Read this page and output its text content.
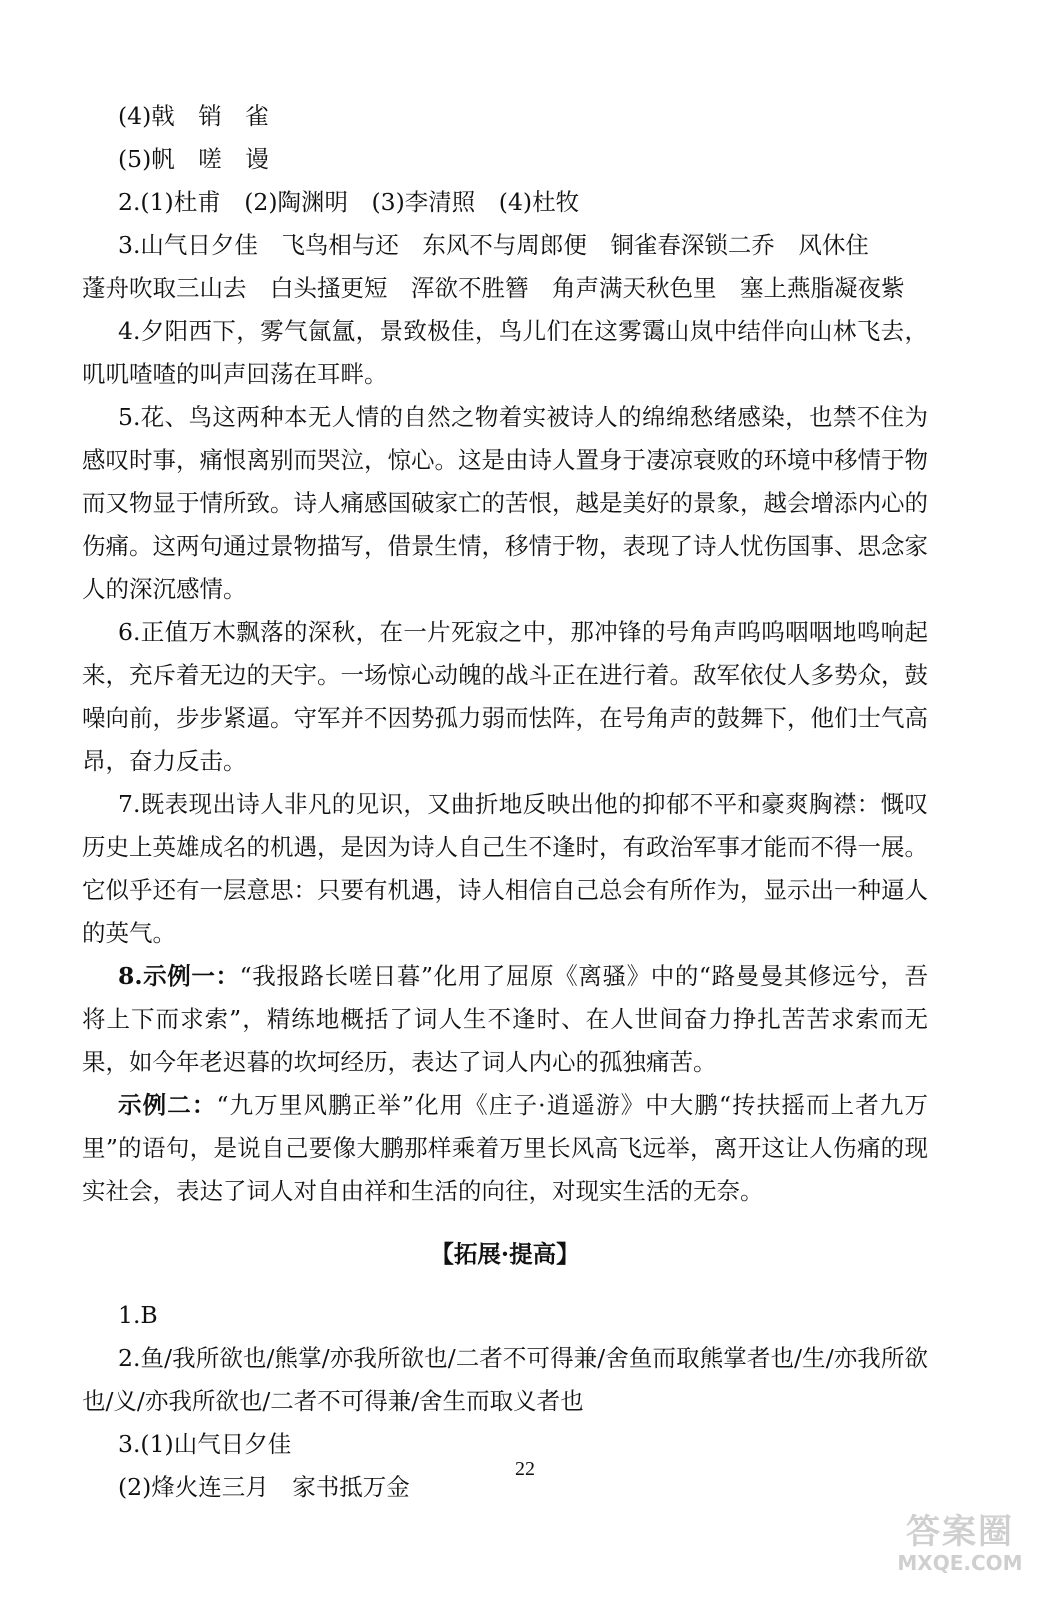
(4)戟　销　雀
(5)帆　嗟　谩
2.(1)杜甫　(2)陶渊明　(3)李清照　(4)杜牧
3.山气日夕佳　飞鸟相与还　东风不与周郎便　铜雀春深锁二乔　风休住
蓬舟吹取三山去　白头搔更短　浑欲不胜簪　角声满天秋色里　塞上燕脂凝夜紫

4.夕阳西下，雾气氤氲，景致极佳，鸟儿们在这雾霭山岚中结伴向山林飞去，叽叽喳喳的叫声回荡在耳畔。

5.花、鸟这两种本无人情的自然之物着实被诗人的绵绵愁绪感染，也禁不住为感叹时事，痛恨离别而哭泣，惊心。这是由诗人置身于凄凉衰败的环境中移情于物而又物显于情所致。诗人痛感国破家亡的苦恨，越是美好的景象，越会增添内心的伤痛。这两句通过景物描写，借景生情，移情于物，表现了诗人忧伤国事、思念家人的深沉感情。

6.正值万木飘落的深秋，在一片死寂之中，那冲锋的号角声呜呜咽咽地鸣响起来，充斥着无边的天宇。一场惊心动魄的战斗正在进行着。敌军依仗人多势众，鼓噪向前，步步紧逼。守军并不因势孤力弱而怯阵，在号角声的鼓舞下，他们士气高昂，奋力反击。

7.既表现出诗人非凡的见识，又曲折地反映出他的抑郁不平和豪爽胸襟：慨叹历史上英雄成名的机遇，是因为诗人自己生不逢时，有政治军事才能而不得一展。它似乎还有一层意思：只要有机遇，诗人相信自己总会有所作为，显示出一种逼人的英气。

8.示例一：“我报路长嗟日暮”化用了屈原《离骚》中的“路曼曼其修远兮，吾将上下而求索”，精练地概括了词人生不逢时、在人世间奋力挣扎苦苦求索而无果，如今年老迟暮的坎坷经历，表达了词人内心的孤独痛苦。

示例二：“九万里风鹏正举”化用《庄子·逍遥游》中大鹏“抟扶摇而上者九万里”的语句，是说自己要像大鹏那样乘着万里长风高飞远举，离开这让人伤痛的现实社会，表达了词人对自由祥和生活的向往，对现实生活的无奈。

【拓展·提高】
1.B

2.鱼/我所欲也/熊掌/亦我所欲也/二者不可得兼/舍鱼而取熊掌者也/生/亦我所欲也/义/亦我所欲也/二者不可得兼/舍生而取义者也

3.(1)山气日夕佳
(2)烽火连三月　家书抵万金
22
答案圈
MXQE.COM
